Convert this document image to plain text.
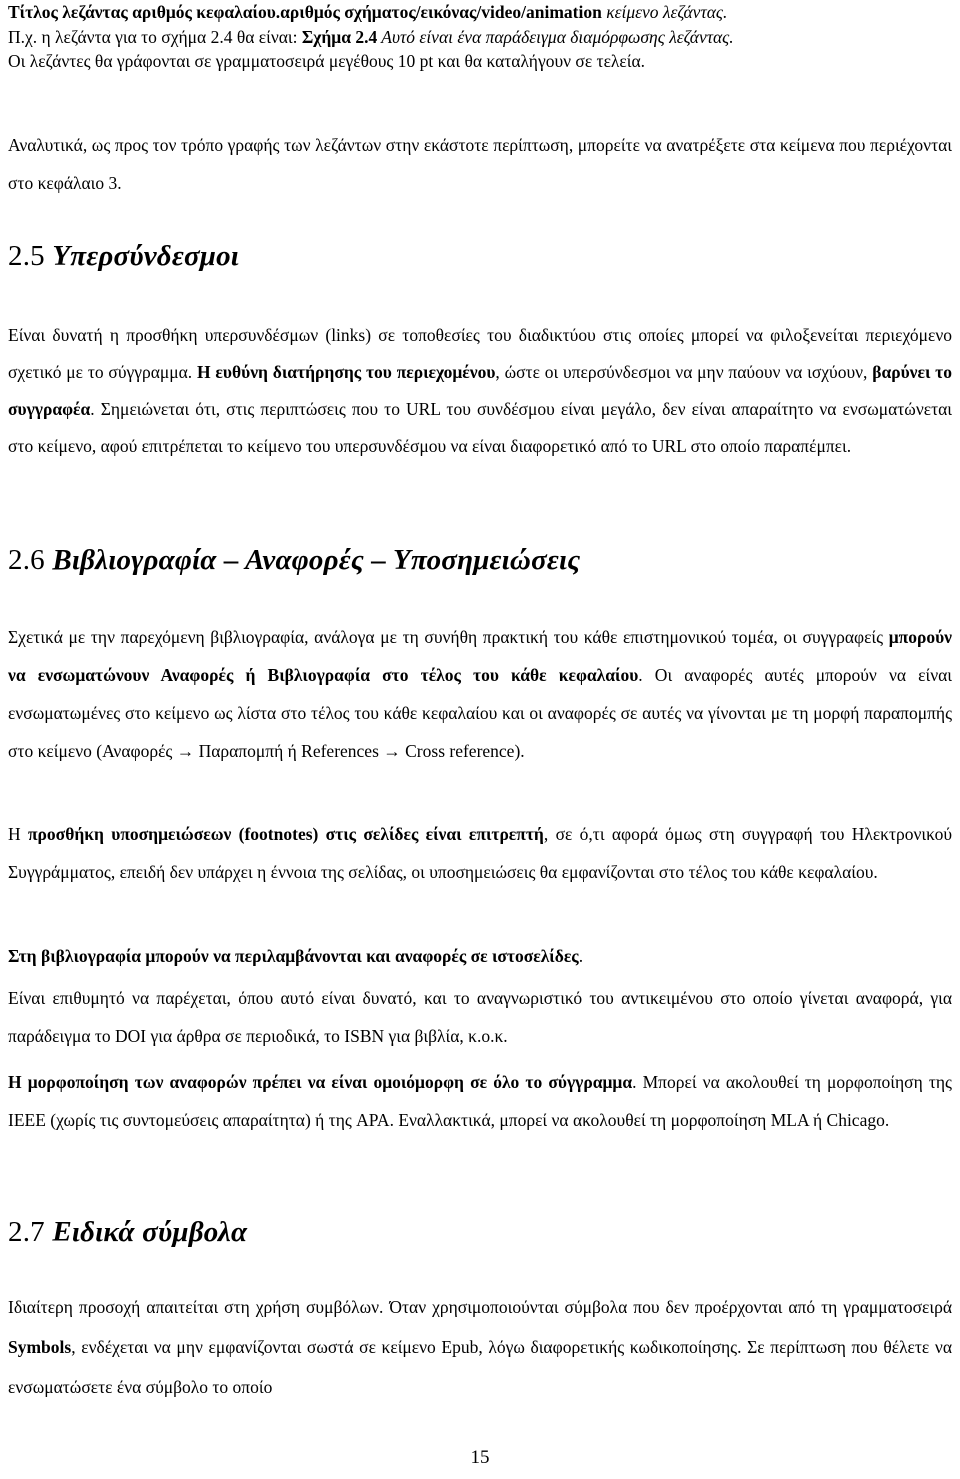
Τίτλος λεζάντας αριθμός κεφαλαίου.αριθμός σχήματος/εικόνας/video/animation κείμενο λεζάντας.

Π.χ. η λεζάντα για το σχήμα 2.4 θα είναι: Σχήμα 2.4 Αυτό είναι ένα παράδειγμα διαμόρφωσης λεζάντας.

Οι λεζάντες θα γράφονται σε γραμματοσειρά μεγέθους 10 pt και θα καταλήγουν σε τελεία.

Αναλυτικά, ως προς τον τρόπο γραφής των λεζάντων στην εκάστοτε περίπτωση, μπορείτε να ανατρέξετε στα κείμενα που περιέχονται στο κεφάλαιο 3.

2.5 Υπερσύνδεσμοι

Είναι δυνατή η προσθήκη υπερσυνδέσμων (links) σε τοποθεσίες του διαδικτύου στις οποίες μπορεί να φιλοξενείται περιεχόμενο σχετικό με το σύγγραμμα. Η ευθύνη διατήρησης του περιεχομένου, ώστε οι υπερσύνδεσμοι να μην παύουν να ισχύουν, βαρύνει το συγγραφέα. Σημειώνεται ότι, στις περιπτώσεις που το URL του συνδέσμου είναι μεγάλο, δεν είναι απαραίτητο να ενσωματώνεται στο κείμενο, αφού επιτρέπεται το κείμενο του υπερσυνδέσμου να είναι διαφορετικό από το URL στο οποίο παραπέμπει.

2.6 Βιβλιογραφία – Αναφορές – Υποσημειώσεις

Σχετικά με την παρεχόμενη βιβλιογραφία, ανάλογα με τη συνήθη πρακτική του κάθε επιστημονικού τομέα, οι συγγραφείς μπορούν να ενσωματώνουν Αναφορές ή Βιβλιογραφία στο τέλος του κάθε κεφαλαίου. Οι αναφορές αυτές μπορούν να είναι ενσωματωμένες στο κείμενο ως λίστα στο τέλος του κάθε κεφαλαίου και οι αναφορές σε αυτές να γίνονται με τη μορφή παραπομπής στο κείμενο (Αναφορές → Παραπομπή ή References → Cross reference).

Η προσθήκη υποσημειώσεων (footnotes) στις σελίδες είναι επιτρεπτή, σε ό,τι αφορά όμως στη συγγραφή του Ηλεκτρονικού Συγγράμματος, επειδή δεν υπάρχει η έννοια της σελίδας, οι υποσημειώσεις θα εμφανίζονται στο τέλος του κάθε κεφαλαίου.

Στη βιβλιογραφία μπορούν να περιλαμβάνονται και αναφορές σε ιστοσελίδες.

Είναι επιθυμητό να παρέχεται, όπου αυτό είναι δυνατό, και το αναγνωριστικό του αντικειμένου στο οποίο γίνεται αναφορά, για παράδειγμα το DOI για άρθρα σε περιοδικά, το ISBN για βιβλία, κ.ο.κ.

Η μορφοποίηση των αναφορών πρέπει να είναι ομοιόμορφη σε όλο το σύγγραμμα. Μπορεί να ακολουθεί τη μορφοποίηση της IEEE (χωρίς τις συντομεύσεις απαραίτητα) ή της APA. Εναλλακτικά, μπορεί να ακολουθεί τη μορφοποίηση MLA ή Chicago.

2.7 Ειδικά σύμβολα

Ιδιαίτερη προσοχή απαιτείται στη χρήση συμβόλων. Όταν χρησιμοποιούνται σύμβολα που δεν προέρχονται από τη γραμματοσειρά Symbols, ενδέχεται να μην εμφανίζονται σωστά σε κείμενο Epub, λόγω διαφορετικής κωδικοποίησης. Σε περίπτωση που θέλετε να ενσωματώσετε ένα σύμβολο το οποίο

15
